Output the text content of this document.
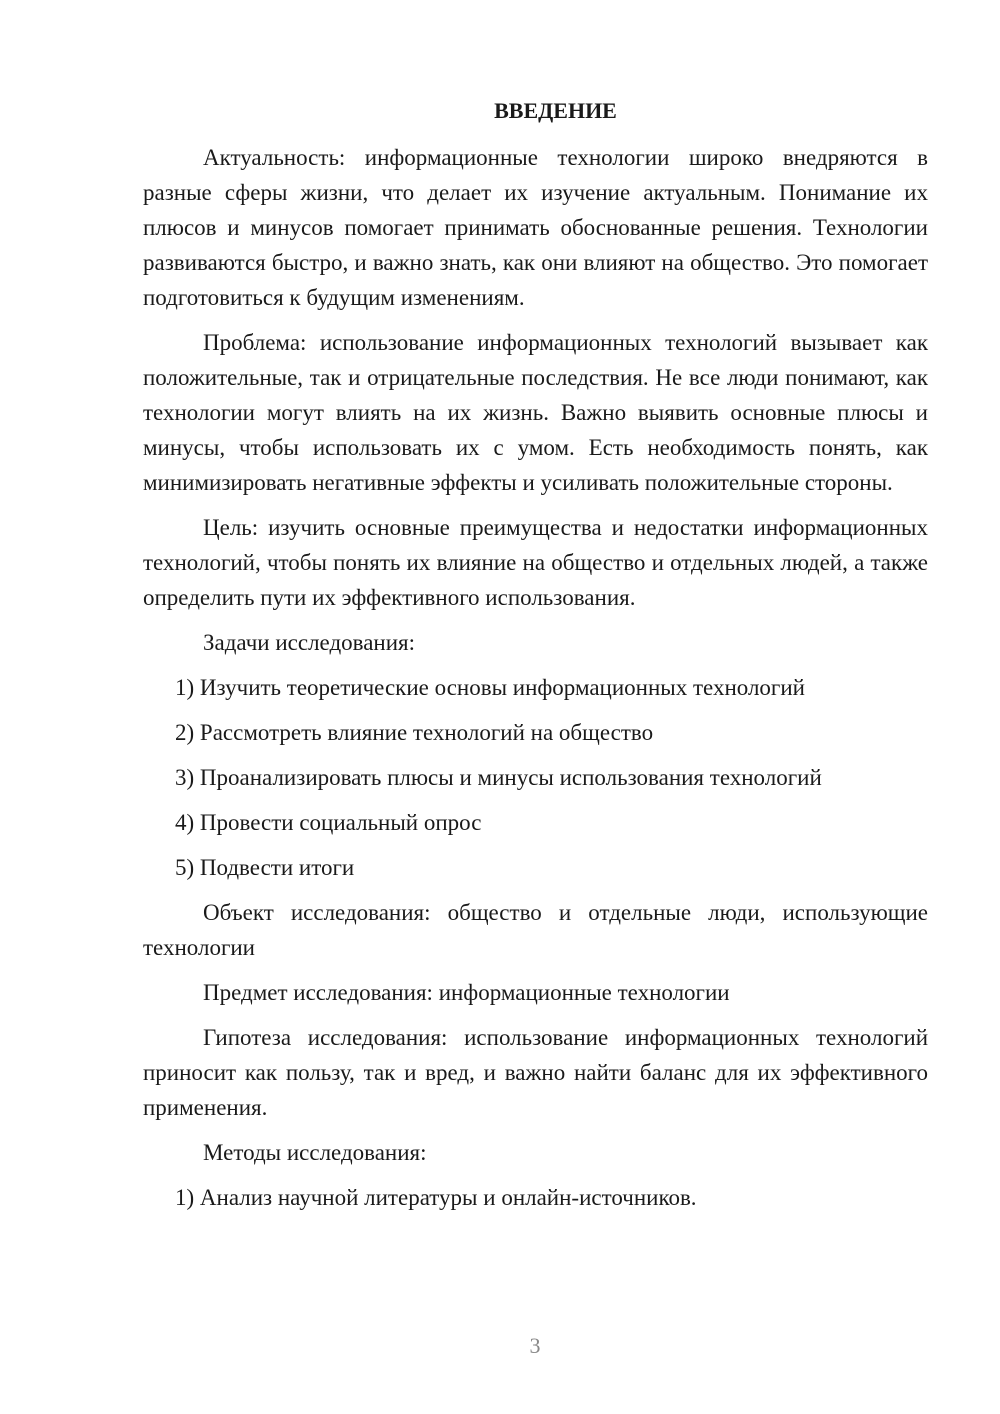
ВВЕДЕНИЕ

Актуальность: информационные технологии широко внедряются в разные сферы жизни, что делает их изучение актуальным. Понимание их плюсов и минусов помогает принимать обоснованные решения. Технологии развиваются быстро, и важно знать, как они влияют на общество. Это помогает подготовиться к будущим изменениям.

Проблема: использование информационных технологий вызывает как положительные, так и отрицательные последствия. Не все люди понимают, как технологии могут влиять на их жизнь. Важно выявить основные плюсы и минусы, чтобы использовать их с умом. Есть необходимость понять, как минимизировать негативные эффекты и усиливать положительные стороны.

Цель: изучить основные преимущества и недостатки информационных технологий, чтобы понять их влияние на общество и отдельных людей, а также определить пути их эффективного использования.

Задачи исследования:
1) Изучить теоретические основы информационных технологий
2) Рассмотреть влияние технологий на общество
3) Проанализировать плюсы и минусы использования технологий
4) Провести социальный опрос
5) Подвести итоги

Объект исследования: общество и отдельные люди, использующие технологии

Предмет исследования: информационные технологии

Гипотеза исследования: использование информационных технологий приносит как пользу, так и вред, и важно найти баланс для их эффективного применения.

Методы исследования:
1) Анализ научной литературы и онлайн-источников.
3
